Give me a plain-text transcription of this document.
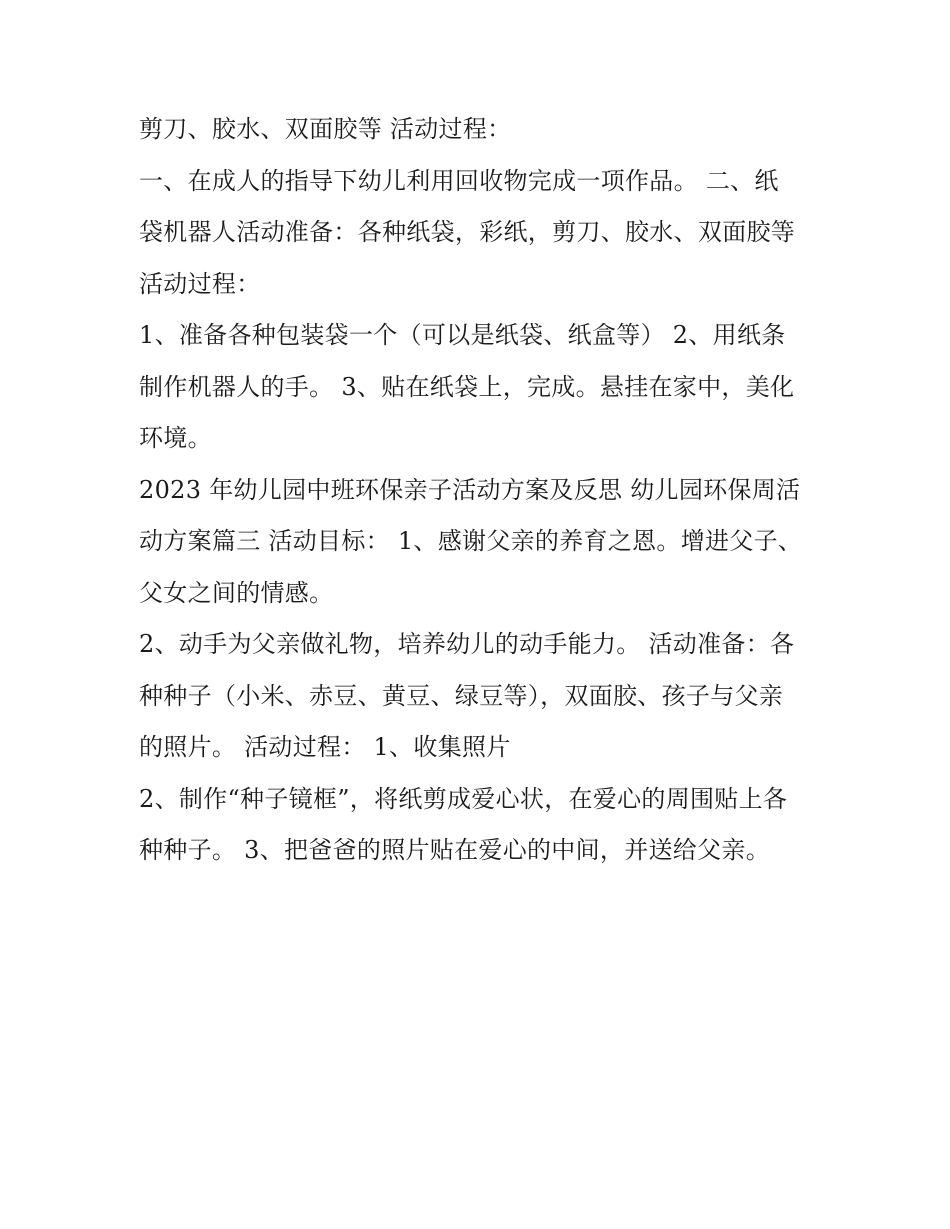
剪刀、胶水、双面胶等 活动过程：
一、在成人的指导下幼儿利用回收物完成一项作品。 二、纸
袋机器人活动准备：各种纸袋，彩纸，剪刀、胶水、双面胶等
活动过程：
1、准备各种包装袋一个（可以是纸袋、纸盒等） 2、用纸条
制作机器人的手。 3、贴在纸袋上，完成。悬挂在家中，美化
环境。
2023 年幼儿园中班环保亲子活动方案及反思 幼儿园环保周活
动方案篇三 活动目标： 1、感谢父亲的养育之恩。增进父子、
父女之间的情感。
2、动手为父亲做礼物，培养幼儿的动手能力。 活动准备：各
种种子（小米、赤豆、黄豆、绿豆等），双面胶、孩子与父亲
的照片。 活动过程： 1、收集照片
2、制作“种子镜框”，将纸剪成爱心状，在爱心的周围贴上各
种种子。 3、把爸爸的照片贴在爱心的中间，并送给父亲。
